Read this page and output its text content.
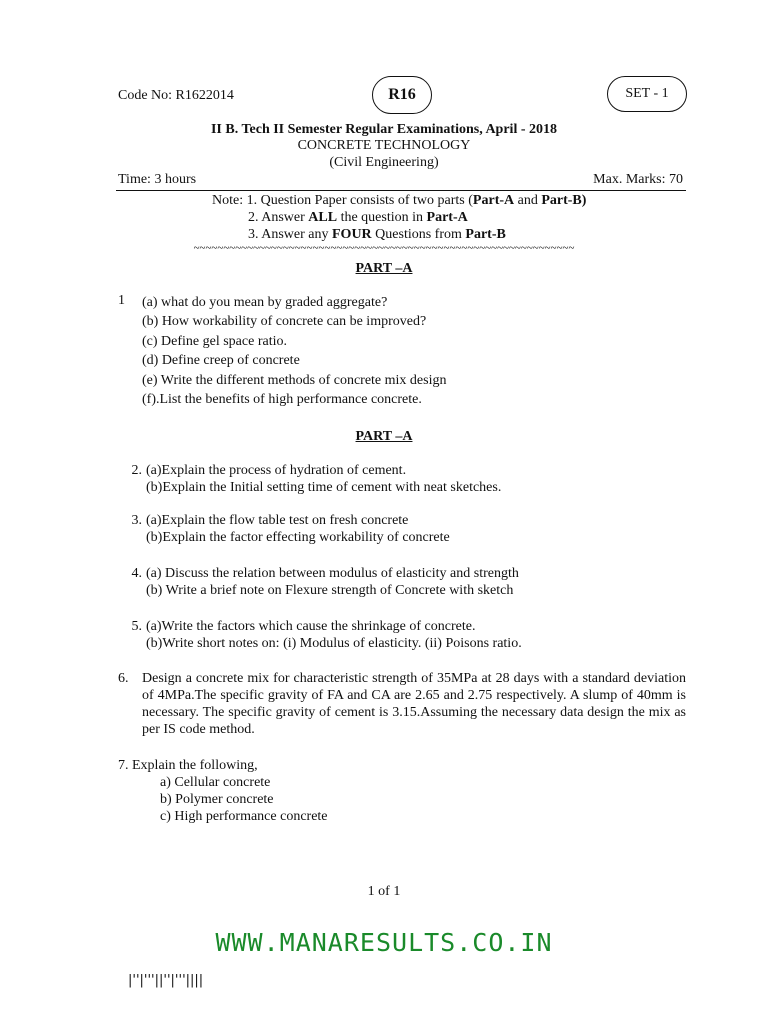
Code No: R1622014	R16	SET - 1
II B. Tech II Semester Regular Examinations, April - 2018
CONCRETE TECHNOLOGY
(Civil Engineering)
Time: 3 hours	Max. Marks: 70
Note: 1. Question Paper consists of two parts (Part-A and Part-B)
2. Answer ALL the question in Part-A
3. Answer any FOUR Questions from Part-B
~~~~~~~~~~~~~~~~~~~~~~~~~~~~~~~~~~~~~~~~~~~~~~~~~~~~~~~~~~~~~~~~
PART –A
1 (a) what do you mean by graded aggregate?
(b) How workability of concrete can be improved?
(c) Define gel space ratio.
(d) Define creep of concrete
(e) Write the different methods of concrete mix design
(f).List the benefits of high performance concrete.
PART –A
2. (a)Explain the process of hydration of cement.
(b)Explain the Initial setting time of cement with neat sketches.
3. (a)Explain the flow table test on fresh concrete
(b)Explain the factor effecting workability of concrete
4. (a) Discuss the relation between modulus of elasticity and strength
(b) Write a brief note on Flexure strength of Concrete with sketch
5. (a)Write the factors which cause the shrinkage of concrete.
(b)Write short notes on: (i) Modulus of elasticity. (ii) Poisons ratio.
6. Design a concrete mix for characteristic strength of 35MPa at 28 days with a standard deviation of 4MPa.The specific gravity of FA and CA are 2.65 and 2.75 respectively. A slump of 40mm is necessary. The specific gravity of cement is 3.15.Assuming the necessary data design the mix as per IS code method.
7. Explain the following,
a) Cellular concrete
b) Polymer concrete
c) High performance concrete
1 of 1
WWW.MANARESULTS.CO.IN
|''|'''||''|'''||||
